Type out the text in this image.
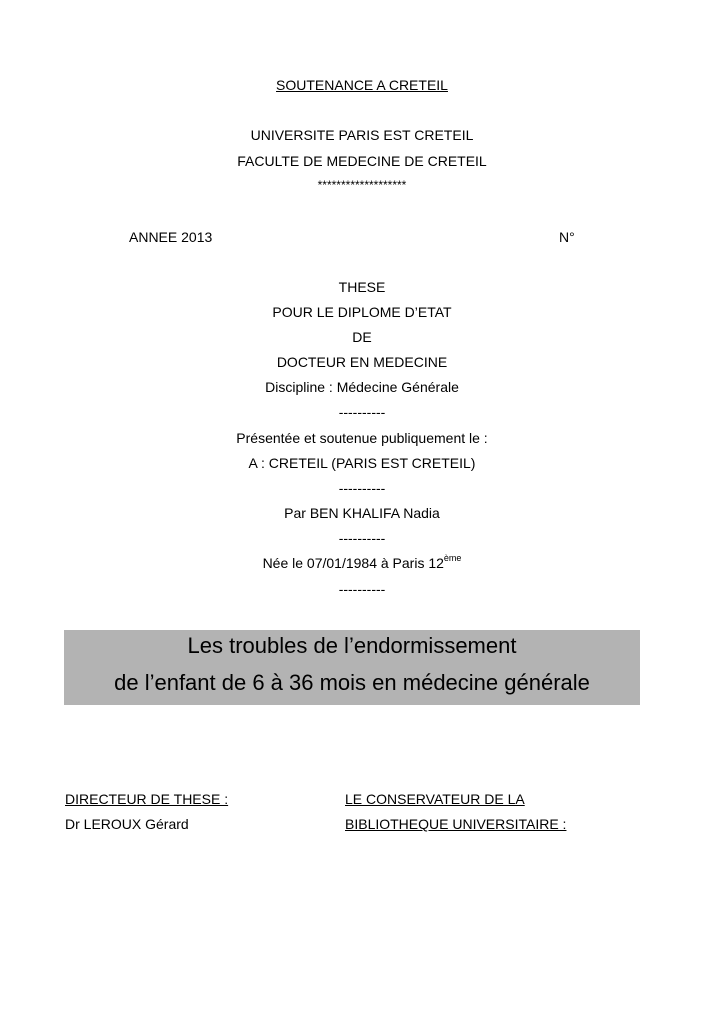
SOUTENANCE A CRETEIL
UNIVERSITE PARIS EST CRETEIL
FACULTE DE MEDECINE DE CRETEIL
*******************
ANNEE 2013	N°
THESE
POUR LE DIPLOME D’ETAT
DE
DOCTEUR EN MEDECINE
Discipline : Médecine Générale
----------
Présentée et soutenue publiquement le :
A : CRETEIL (PARIS EST CRETEIL)
----------
Par BEN KHALIFA Nadia
----------
Née le 07/01/1984 à Paris 12ème
----------
Les troubles de l’endormissement
de l’enfant de 6 à 36 mois en médecine générale
DIRECTEUR DE THESE :
Dr LEROUX Gérard
LE CONSERVATEUR DE LA
BIBLIOTHEQUE UNIVERSITAIRE :
